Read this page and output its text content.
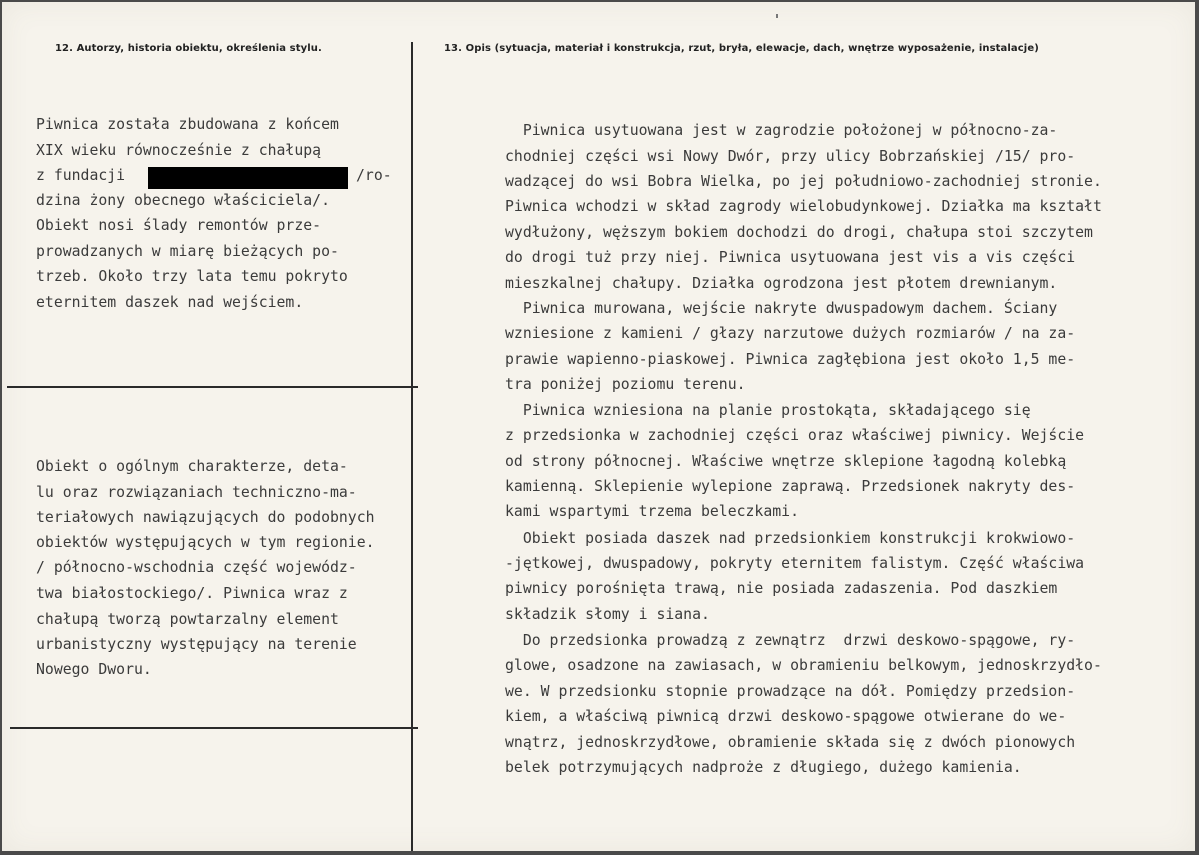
12. Autorzy, historia obiektu, określenia stylu.	13. Opis (sytuacja, materiał i konstrukcja, rzut, bryła, elewacje, dach, wnętrze wyposażenie, instalacje)
Piwnica została zbudowana z końcem
XIX wieku równocześnie z chałupą
z fundacji	/ro-
dzina żony obecnego właściciela/.
Obiekt nosi ślady remontów prze-
prowadzanych w miarę bieżących po-
trzeb. Około trzy lata temu pokryto
eternitem daszek nad wejściem.
Obiekt o ogólnym charakterze, deta-
lu oraz rozwiązaniach techniczno-ma-
teriałowych nawiązujących do podobnych
obiektów występujących w tym regionie.
/ północno-wschodnia część wojewódz-
twa białostockiego/. Piwnica wraz z
chałupą tworzą powtarzalny element
urbanistyczny występujący na terenie
Nowego Dworu.
Piwnica usytuowana jest w zagrodzie położonej w północno-za-
chodniej części wsi Nowy Dwór, przy ulicy Bobrzańskiej /15/ pro-
wadzącej do wsi Bobra Wielka, po jej południowo-zachodniej stronie.
Piwnica wchodzi w skład zagrody wielobudynkowej. Działka ma kształt
wydłużony, węższym bokiem dochodzi do drogi, chałupa stoi szczytem
do drogi tuż przy niej. Piwnica usytuowana jest vis a vis części
mieszkalnej chałupy. Działka ogrodzona jest płotem drewnianym.
Piwnica murowana, wejście nakryte dwuspadowym dachem. Ściany
wzniesione z kamieni / głazy narzutowe dużych rozmiarów / na za-
prawie wapienno-piaskowej. Piwnica zagłębiona jest około 1,5 me-
tra poniżej poziomu terenu.
Piwnica wzniesiona na planie prostokąta, składającego się
z przedsionka w zachodniej części oraz właściwej piwnicy. Wejście
od strony północnej. Właściwe wnętrze sklepione łagodną kolebką
kamienną. Sklepienie wylepione zaprawą. Przedsionek nakryty des-
kami wspartymi trzema beleczkami.
Obiekt posiada daszek nad przedsionkiem konstrukcji krokwiowo-
-jętkowej, dwuspadowy, pokryty eternitem falistym. Część właściwa
piwnicy porośnięta trawą, nie posiada zadaszenia. Pod daszkiem
składzik słomy i siana.
Do przedsionka prowadzą z zewnątrz  drzwi deskowo-spągowe, ry-
glowe, osadzone na zawiasach, w obramieniu belkowym, jednoskrzydło-
we. W przedsionku stopnie prowadzące na dół. Pomiędzy przedsion-
kiem, a właściwą piwnicą drzwi deskowo-spągowe otwierane do we-
wnątrz, jednoskrzydłowe, obramienie składa się z dwóch pionowych
belek potrzymujących nadproże z długiego, dużego kamienia.
